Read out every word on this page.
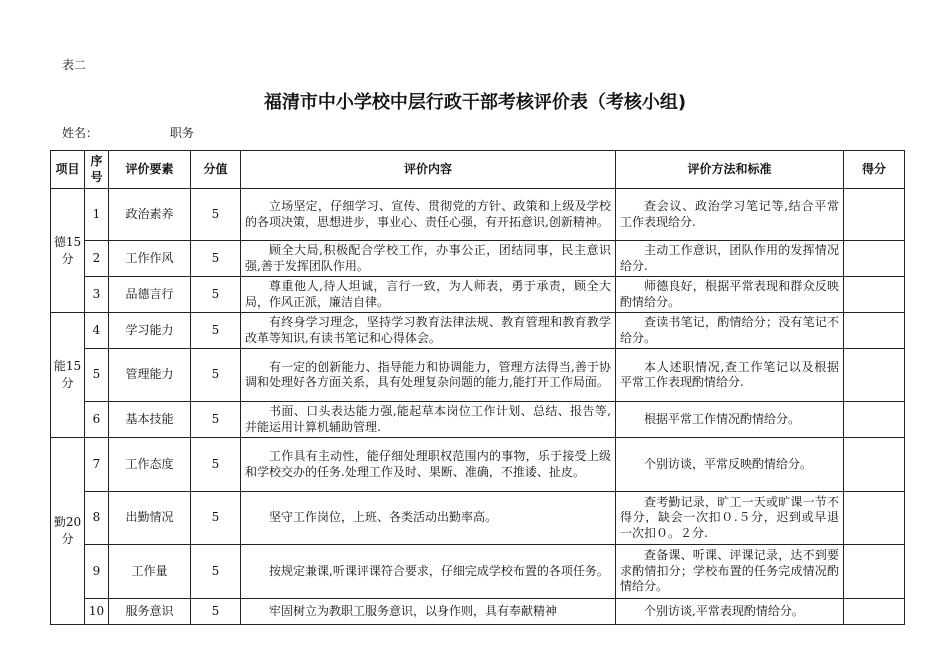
表二
福清市中小学校中层行政干部考核评价表（考核小组)
姓名：	职务
项目	序号	评价要素	分值	评价内容	评价方法和标准	得分
德15分	1	政治素养	5	立场坚定，仔细学习、宣传、贯彻党的方针、政策和上级及学校的各项决策，思想进步，事业心、责任心强，有开拓意识,创新精神。	查会议、政治学习笔记等,结合平常工作表现给分.	
	2	工作作风	5	顾全大局,积极配合学校工作，办事公正，团结同事，民主意识强,善于发挥团队作用。	主动工作意识，团队作用的发挥情况给分.	
	3	品德言行	5	尊重他人,待人坦诚，言行一致，为人师表，勇于承责，顾全大局，作风正派，廉洁自律。	师德良好，根据平常表现和群众反映酌情给分。	
能15分	4	学习能力	5	有终身学习理念，坚持学习教育法律法规、教育管理和教育教学改革等知识,有读书笔记和心得体会。	查读书笔记，酌情给分；没有笔记不给分。	
	5	管理能力	5	有一定的创新能力、指导能力和协调能力，管理方法得当,善于协调和处理好各方面关系，具有处理复杂问题的能力,能打开工作局面。	本人述职情况,查工作笔记以及根据平常工作表现酌情给分.	
	6	基本技能	5	书面、口头表达能力强,能起草本岗位工作计划、总结、报告等,并能运用计算机辅助管理.	根据平常工作情况酌情给分。	
勤20分	7	工作态度	5	工作具有主动性，能仔细处理职权范围内的事物，乐于接受上级和学校交办的任务.处理工作及时、果断、准确，不推诿、扯皮。	个别访谈，平常反映酌情给分。	
	8	出勤情况	5	坚守工作岗位，上班、各类活动出勤率高。	查考勤记录，旷工一天或旷课一节不得分，缺会一次扣０.５分，迟到或早退一次扣０。２分.	
	9	工作量	5	按规定兼课,听课评课符合要求，仔细完成学校布置的各项任务。	查备课、听课、评课记录，达不到要求酌情扣分；学校布置的任务完成情况酌情给分。	
	10	服务意识	5	牢固树立为教职工服务意识，以身作则，具有奉献精神	个别访谈,平常表现酌情给分。	
